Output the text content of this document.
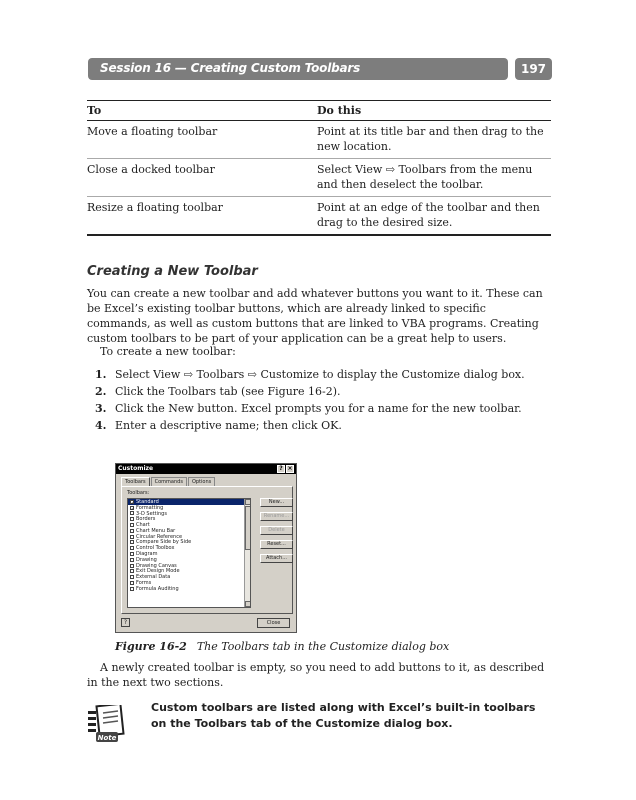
Session 16 — Creating Custom Toolbars	197
To	Do this
Move a floating toolbar	Point at its title bar and then drag to the new location.
Close a docked toolbar	Select View ⇨ Toolbars from the menu and then deselect the toolbar.
Resize a floating toolbar	Point at an edge of the toolbar and then drag to the desired size.
Creating a New Toolbar
You can create a new toolbar and add whatever buttons you want to it. These can be Excel’s existing toolbar buttons, which are already linked to specific commands, as well as custom buttons that are linked to VBA programs. Creating custom toolbars to be part of your application can be a great help to users.
To create a new toolbar:
1. Select View ⇨ Toolbars ⇨ Customize to display the Customize dialog box.
2. Click the Toolbars tab (see Figure 16-2).
3. Click the New button. Excel prompts you for a name for the new toolbar.
4. Enter a descriptive name; then click OK.
Customize	? ×
Toolbars	Commands	Options
Toolbars:
✓ Standard
✓ Formatting
3-D Settings
Borders
Chart
Chart Menu Bar
Circular Reference
Compare Side by Side
Control Toolbox
Diagram
Drawing
Drawing Canvas
Exit Design Mode
External Data
Forms
Formula Auditing
New...
Rename...
Delete
Reset...
Attach...
?	Close
Figure 16-2 The Toolbars tab in the Customize dialog box
A newly created toolbar is empty, so you need to add buttons to it, as described in the next two sections.
Note
Custom toolbars are listed along with Excel’s built-in toolbars on the Toolbars tab of the Customize dialog box.
